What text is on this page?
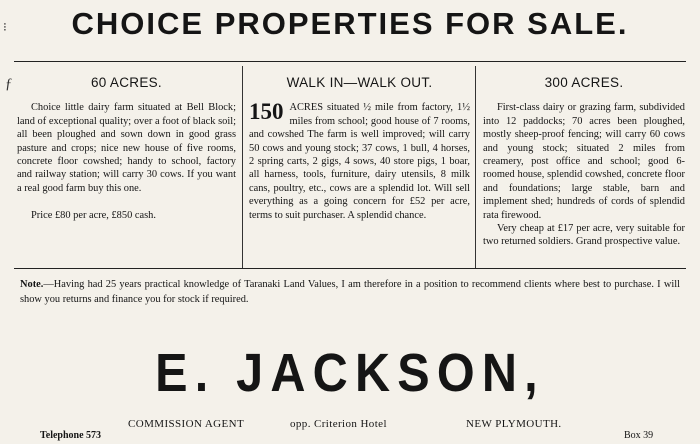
⁝	CHOICE PROPERTIES FOR SALE.
ƒ	60 ACRES.

Choice little dairy farm situated at Bell Block; land of exceptional quality; over a foot of black soil; all been ploughed and sown down in good grass pasture and crops; nice new house of five rooms, concrete floor cowshed; handy to school, factory and railway station; will carry 30 cows. If you want a real good farm buy this one.

Price £80 per acre, £850 cash.

WALK IN—WALK OUT.

150 ACRES situated ½ mile from factory, 1½ miles from school; good house of 7 rooms, and cowshed The farm is well improved; will carry 50 cows and young stock; 37 cows, 1 bull, 4 horses, 2 spring carts, 2 gigs, 4 sows, 40 store pigs, 1 boar, all harness, tools, furniture, dairy utensils, 8 milk cans, poultry, etc., cows are a splendid lot. Will sell everything as a going concern for £52 per acre, terms to suit purchaser. A splendid chance.

300 ACRES.

First-class dairy or grazing farm, subdivided into 12 paddocks; 70 acres been ploughed, mostly sheep-proof fencing; will carry 60 cows and young stock; situated 2 miles from creamery, post office and school; good 6-roomed house, splendid cowshed, concrete floor and foundations; large stable, barn and implement shed; hundreds of cords of splendid rata firewood.

Very cheap at £17 per acre, very suitable for two returned soldiers. Grand prospective value.

Note.—Having had 25 years practical knowledge of Taranaki Land Values, I am therefore in a position to recommend clients where best to purchase. I will show you returns and finance you for stock if required.
E. JACKSON,
COMMISSION AGENT	opp. Criterion Hotel	NEW PLYMOUTH.
Telephone 573	Box 39
